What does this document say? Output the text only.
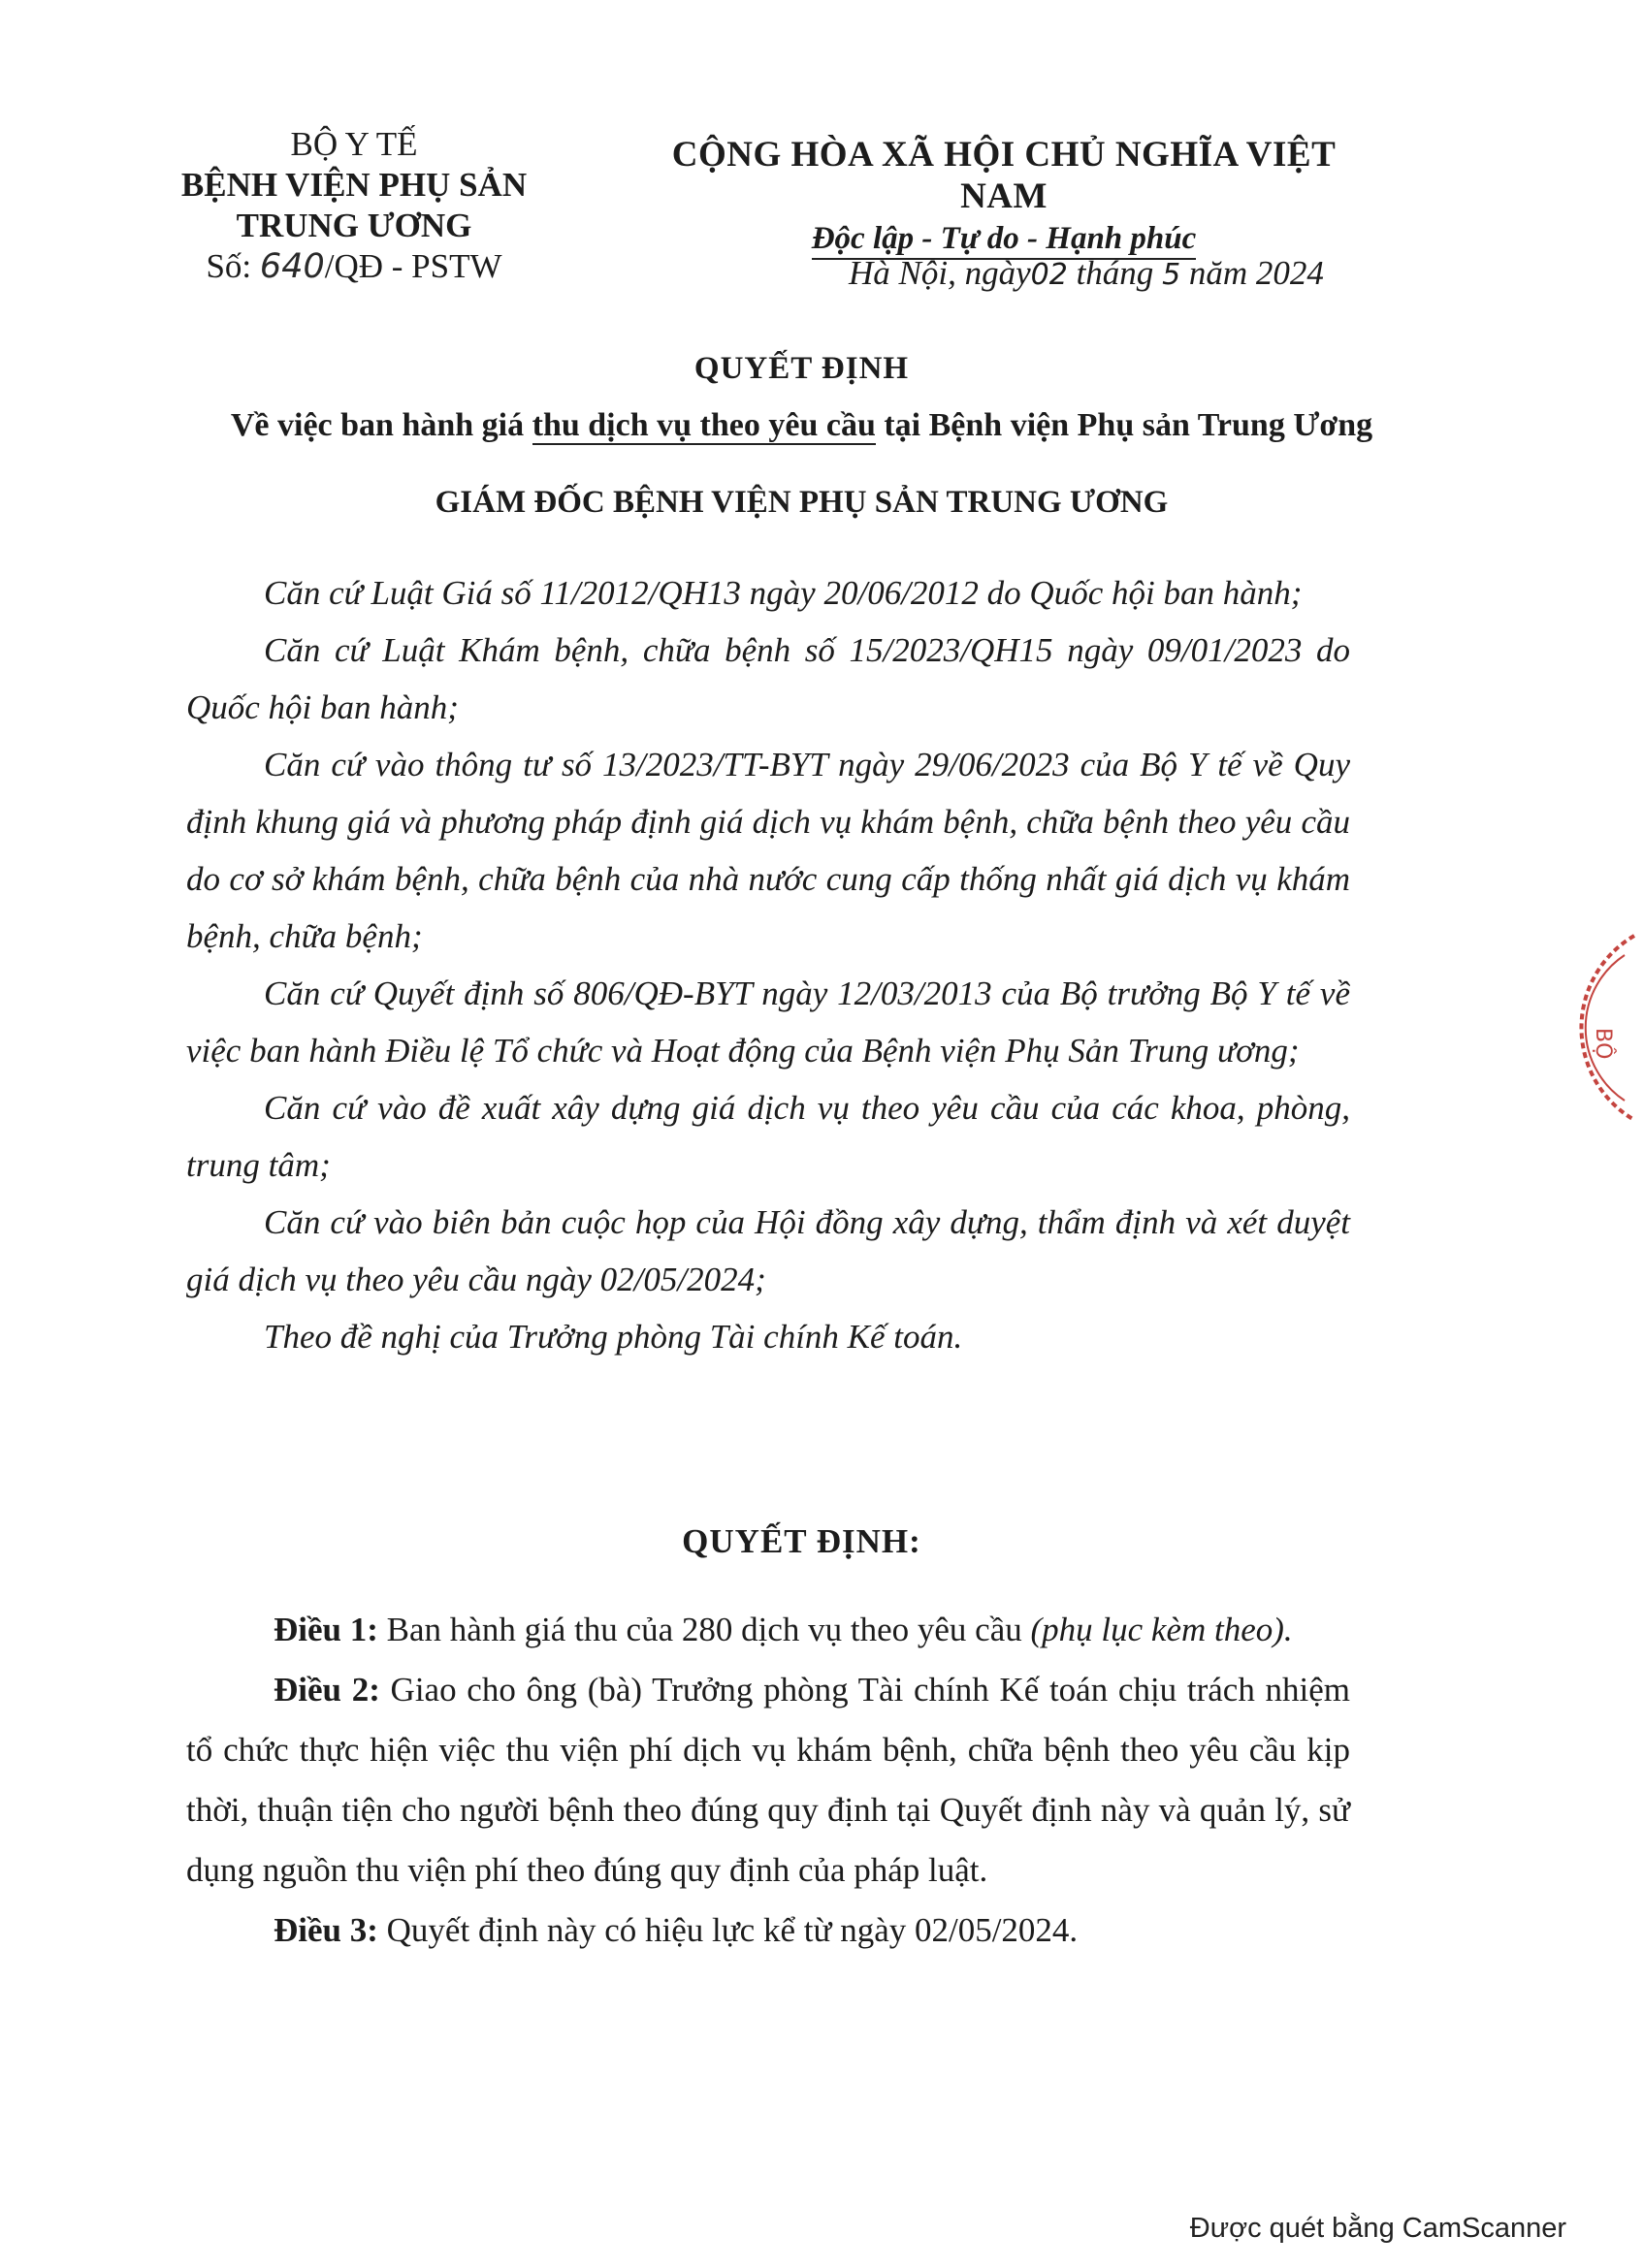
BỘ Y TẾ
BỆNH VIỆN PHỤ SẢN
TRUNG ƯƠNG
Số: 640/QĐ - PSTW
CỘNG HÒA XÃ HỘI CHỦ NGHĨA VIỆT NAM
Độc lập - Tự do - Hạnh phúc
Hà Nội, ngày02 tháng 5 năm 2024
QUYẾT ĐỊNH
Về việc ban hành giá thu dịch vụ theo yêu cầu tại Bệnh viện Phụ sản Trung Ương
GIÁM ĐỐC BỆNH VIỆN PHỤ SẢN TRUNG ƯƠNG

Căn cứ Luật Giá số 11/2012/QH13 ngày 20/06/2012 do Quốc hội ban hành;

Căn cứ Luật Khám bệnh, chữa bệnh số 15/2023/QH15 ngày 09/01/2023 do Quốc hội ban hành;

Căn cứ vào thông tư số 13/2023/TT-BYT ngày 29/06/2023 của Bộ Y tế về Quy định khung giá và phương pháp định giá dịch vụ khám bệnh, chữa bệnh theo yêu cầu do cơ sở khám bệnh, chữa bệnh của nhà nước cung cấp thống nhất giá dịch vụ khám bệnh, chữa bệnh;

Căn cứ Quyết định số 806/QĐ-BYT ngày 12/03/2013 của Bộ trưởng Bộ Y tế về việc ban hành Điều lệ Tổ chức và Hoạt động của Bệnh viện Phụ Sản Trung ương;

Căn cứ vào đề xuất xây dựng giá dịch vụ theo yêu cầu của các khoa, phòng, trung tâm;

Căn cứ vào biên bản cuộc họp của Hội đồng xây dựng, thẩm định và xét duyệt giá dịch vụ theo yêu cầu ngày 02/05/2024;

Theo đề nghị của Trưởng phòng Tài chính Kế toán.

QUYẾT ĐỊNH:

Điều 1: Ban hành giá thu của 280 dịch vụ theo yêu cầu (phụ lục kèm theo).

Điều 2: Giao cho ông (bà) Trưởng phòng Tài chính Kế toán chịu trách nhiệm tổ chức thực hiện việc thu viện phí dịch vụ khám bệnh, chữa bệnh theo yêu cầu kịp thời, thuận tiện cho người bệnh theo đúng quy định tại Quyết định này và quản lý, sử dụng nguồn thu viện phí theo đúng quy định của pháp luật.

Điều 3: Quyết định này có hiệu lực kể từ ngày 02/05/2024.

BỘ
Được quét bằng CamScanner
